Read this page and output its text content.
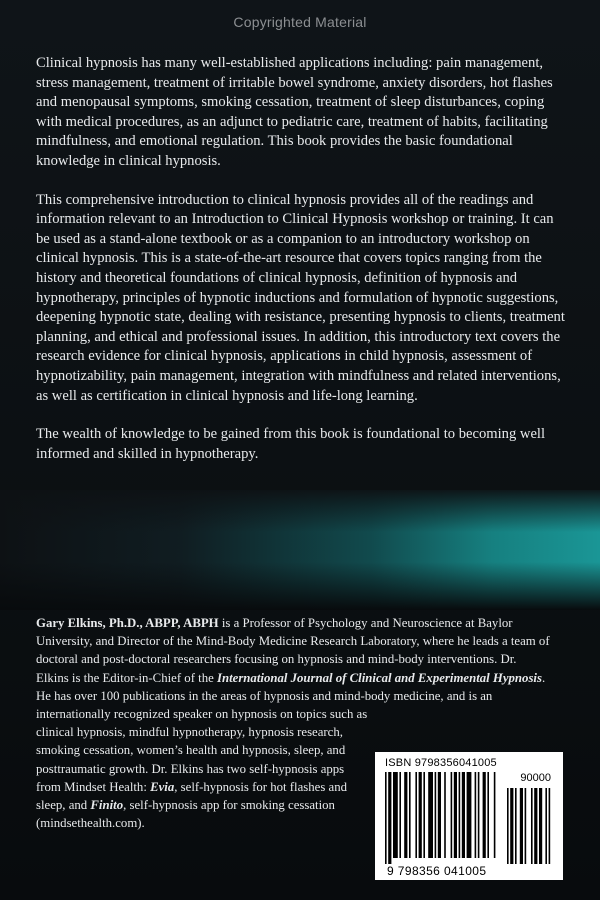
Copyrighted Material

Clinical hypnosis has many well-established applications including: pain management, stress management, treatment of irritable bowel syndrome, anxiety disorders, hot flashes and menopausal symptoms, smoking cessation, treatment of sleep disturbances, coping with medical procedures, as an adjunct to pediatric care, treatment of habits, facilitating mindfulness, and emotional regulation. This book provides the basic foundational knowledge in clinical hypnosis.

This comprehensive introduction to clinical hypnosis provides all of the readings and information relevant to an Introduction to Clinical Hypnosis workshop or training. It can be used as a stand-alone textbook or as a companion to an introductory workshop on clinical hypnosis. This is a state-of-the-art resource that covers topics ranging from the history and theoretical foundations of clinical hypnosis, definition of hypnosis and hypnotherapy, principles of hypnotic inductions and formulation of hypnotic suggestions, deepening hypnotic state, dealing with resistance, presenting hypnosis to clients, treatment planning, and ethical and professional issues. In addition, this introductory text covers the research evidence for clinical hypnosis, applications in child hypnosis, assessment of hypnotizability, pain management, integration with mindfulness and related interventions, as well as certification in clinical hypnosis and life-long learning.

The wealth of knowledge to be gained from this book is foundational to becoming well informed and skilled in hypnotherapy.

Gary Elkins, Ph.D., ABPP, ABPH is a Professor of Psychology and Neuroscience at Baylor
University, and Director of the Mind-Body Medicine Research Laboratory, where he leads a team of
doctoral and post-doctoral researchers focusing on hypnosis and mind-body interventions. Dr.
Elkins is the Editor-in-Chief of the International Journal of Clinical and Experimental Hypnosis.
He has over 100 publications in the areas of hypnosis and mind-body medicine, and is an
internationally recognized speaker on hypnosis on topics such as
clinical hypnosis, mindful hypnotherapy, hypnosis research,
smoking cessation, women’s health and hypnosis, sleep, and
posttraumatic growth. Dr. Elkins has two self-hypnosis apps
from Mindset Health: Evia, self-hypnosis for hot flashes and
sleep, and Finito, self-hypnosis app for smoking cessation
(mindsethealth.com).
ISBN 9798356041005
90000
9 798356 041005
